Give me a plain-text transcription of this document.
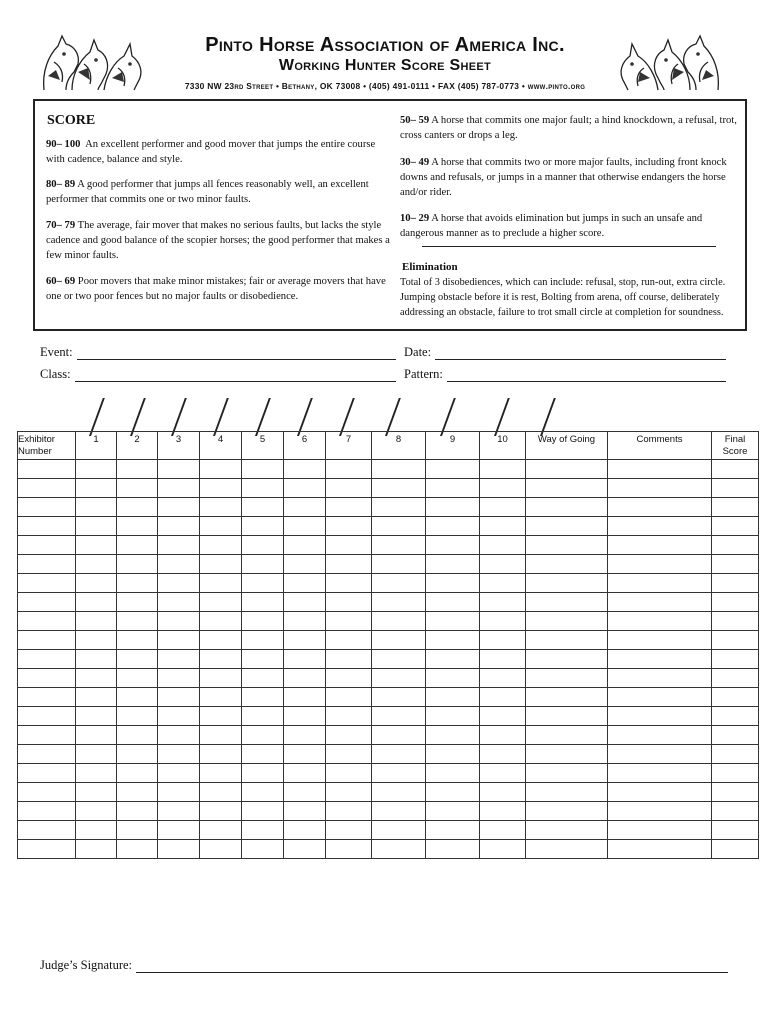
Pinto Horse Association of America Inc.
Working Hunter Score Sheet
7330 NW 23rd Street • Bethany, OK 73008 • (405) 491-0111 • FAX (405) 787-0773 • www.pinto.org
SCORE
90– 100 An excellent performer and good mover that jumps the entire course with cadence, balance and style.
80– 89 A good performer that jumps all fences reasonably well, an excellent performer that commits one or two minor faults.
70– 79 The average, fair mover that makes no serious faults, but lacks the style cadence and good balance of the scopier horses; the good performer that makes a few minor faults.
60– 69 Poor movers that make minor mistakes; fair or average movers that have one or two poor fences but no major faults or disobedience.
50– 59 A horse that commits one major fault; a hind knockdown, a refusal, trot, cross canters or drops a leg.
30– 49 A horse that commits two or more major faults, including front knock downs and refusals, or jumps in a manner that otherwise endangers the horse and/or rider.
10– 29 A horse that avoids elimination but jumps in such an unsafe and dangerous manner as to preclude a higher score.
Elimination
Total of 3 disobediences, which can include: refusal, stop, run-out, extra circle. Jumping obstacle before it is rest, Bolting from arena, off course, deliberately addressing an obstacle, failure to trot small circle at completion for soundness.
Event:
Class:
Date:
Pattern:
Exhibitor Number	1	2	3	4	5	6	7	8	9	10	Way of Going	Comments	Final Score

Judge’s Signature:
